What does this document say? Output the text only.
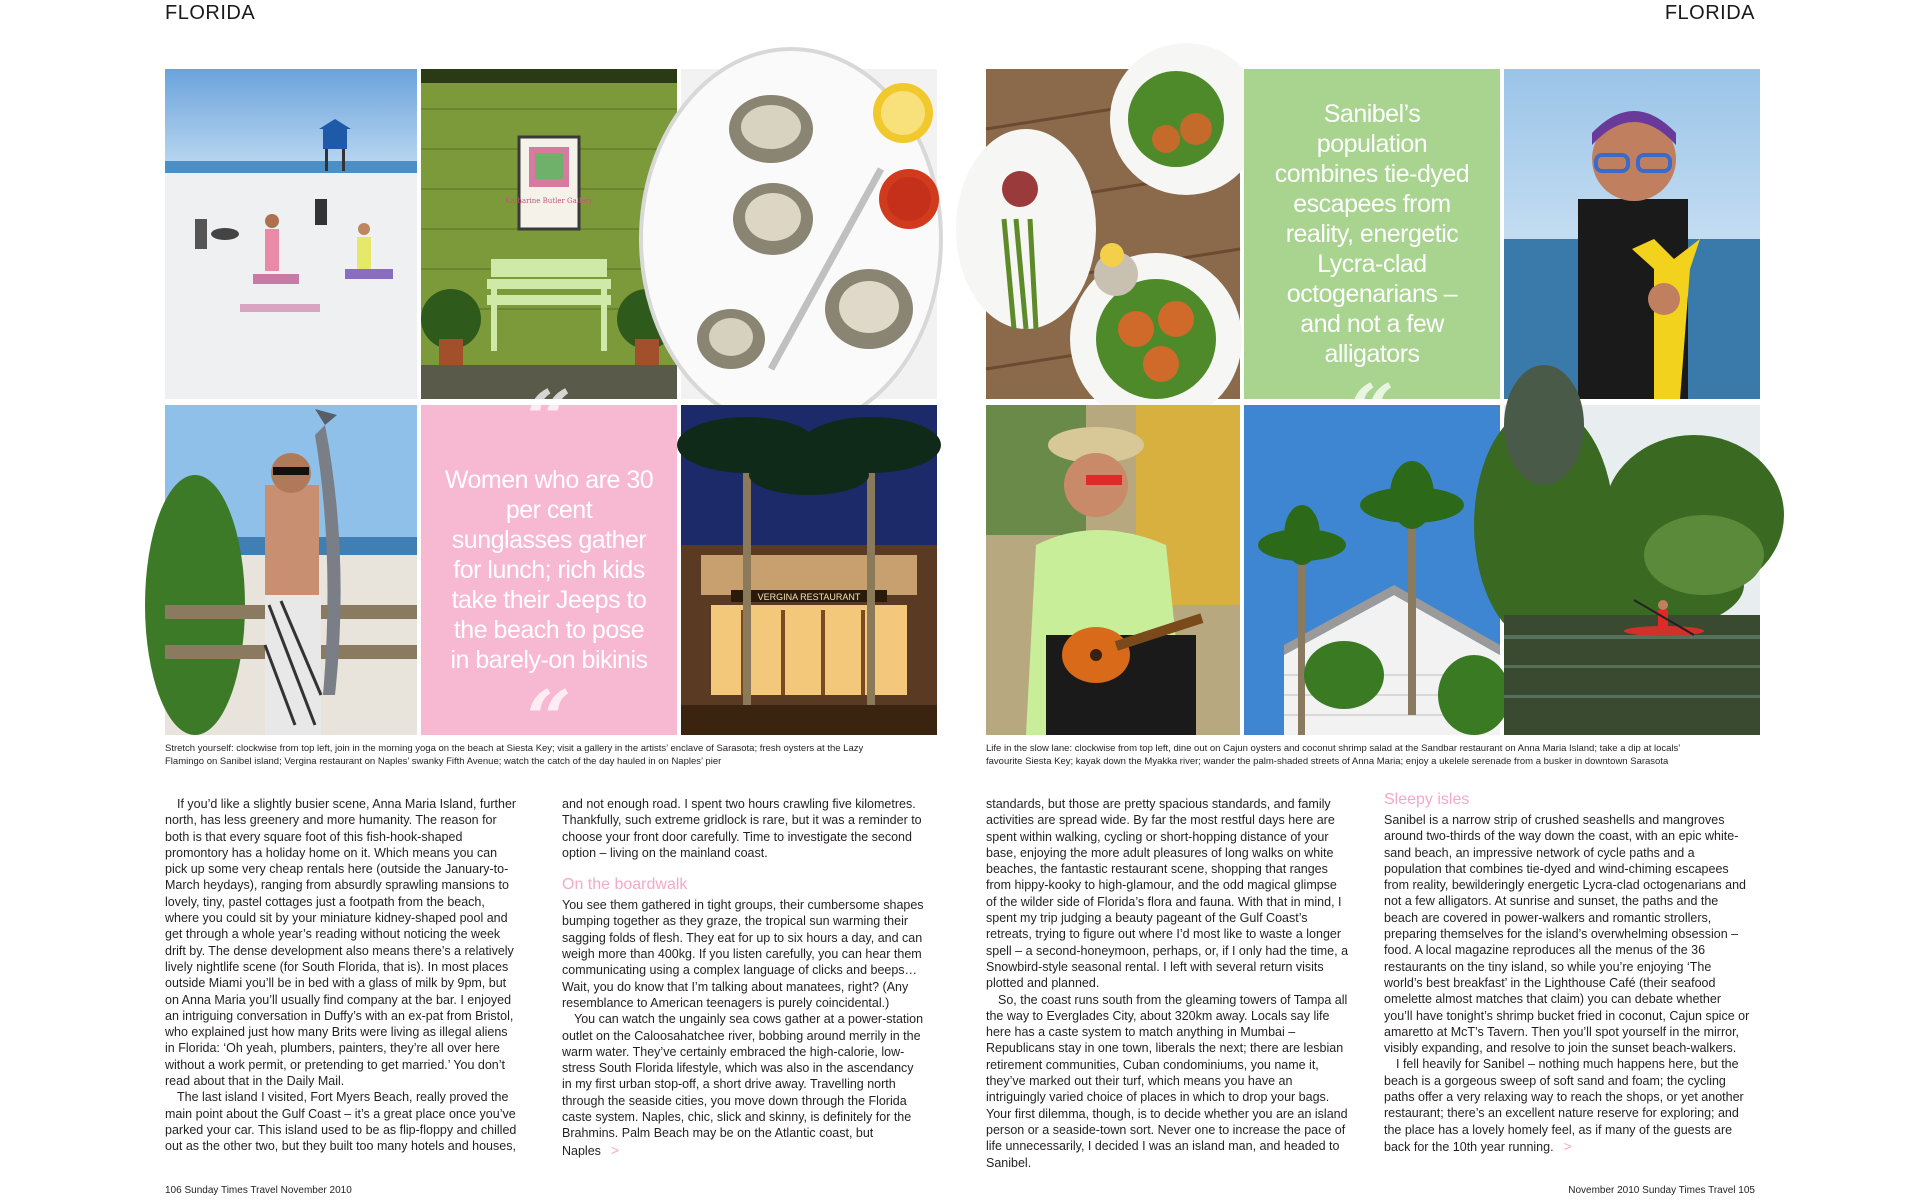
FLORIDA	FLORIDA
Katharine Butler Gallery
“
Women who are 30 per cent sunglasses gather for lunch; rich kids take their Jeeps to the beach to pose in barely-on bikinis
“
VERGINA RESTAURANT
Stretch yourself: clockwise from top left, join in the morning yoga on the beach at Siesta Key; visit a gallery in the artists’ enclave of Sarasota; fresh oysters at the Lazy Flamingo on Sanibel island; Vergina restaurant on Naples’ swanky Fifth Avenue; watch the catch of the day hauled in on Naples’ pier

If you’d like a slightly busier scene, Anna Maria Island, further north, has less greenery and more humanity. The reason for both is that every square foot of this fish-hook-shaped promontory has a holiday home on it. Which means you can pick up some very cheap rentals here (outside the January-to-March heydays), ranging from absurdly sprawling mansions to lovely, tiny, pastel cottages just a footpath from the beach, where you could sit by your miniature kidney-shaped pool and get through a whole year’s reading without noticing the week drift by. The dense development also means there’s a relatively lively nightlife scene (for South Florida, that is). In most places outside Miami you’ll be in bed with a glass of milk by 9pm, but on Anna Maria you’ll usually find company at the bar. I enjoyed an intriguing conversation in Duffy’s with an ex-pat from Bristol, who explained just how many Brits were living as illegal aliens in Florida: ‘Oh yeah, plumbers, painters, they’re all over here without a work permit, or pretending to get married.’ You don’t read about that in the Daily Mail.

The last island I visited, Fort Myers Beach, really proved the main point about the Gulf Coast – it’s a great place once you’ve parked your car. This island used to be as flip-floppy and chilled out as the other two, but they built too many hotels and houses,

and not enough road. I spent two hours crawling five kilometres. Thankfully, such extreme gridlock is rare, but it was a reminder to choose your front door carefully. Time to investigate the second option – living on the mainland coast.

On the boardwalk

You see them gathered in tight groups, their cumbersome shapes bumping together as they graze, the tropical sun warming their sagging folds of flesh. They eat for up to six hours a day, and can weigh more than 400kg. If you listen carefully, you can hear them communicating using a complex language of clicks and beeps… Wait, you do know that I’m talking about manatees, right? (Any resemblance to American teenagers is purely coincidental.)

You can watch the ungainly sea cows gather at a power-station outlet on the Caloosahatchee river, bobbing around merrily in the warm water. They’ve certainly embraced the high-calorie, low-stress South Florida lifestyle, which was also in the ascendancy in my first urban stop-off, a short drive away. Travelling north through the seaside cities, you move down through the Florida caste system. Naples, chic, slick and skinny, is definitely for the Brahmins. Palm Beach may be on the Atlantic coast, but Naples >

“
Sanibel’s population combines tie-dyed escapees from reality, energetic Lycra-clad octogenarians – and not a few alligators
Life in the slow lane: clockwise from top left, dine out on Cajun oysters and coconut shrimp salad at the Sandbar restaurant on Anna Maria Island; take a dip at locals’ favourite Siesta Key; kayak down the Myakka river; wander the palm-shaded streets of Anna Maria; enjoy a ukelele serenade from a busker in downtown Sarasota

standards, but those are pretty spacious standards, and family activities are spread wide. By far the most restful days here are spent within walking, cycling or short-hopping distance of your base, enjoying the more adult pleasures of long walks on white beaches, the fantastic restaurant scene, shopping that ranges from hippy-kooky to high-glamour, and the odd magical glimpse of the wilder side of Florida’s flora and fauna. With that in mind, I spent my trip judging a beauty pageant of the Gulf Coast’s retreats, trying to figure out where I’d most like to waste a longer spell – a second-honeymoon, perhaps, or, if I only had the time, a Snowbird-style seasonal rental. I left with several return visits plotted and planned.

So, the coast runs south from the gleaming towers of Tampa all the way to Everglades City, about 320km away. Locals say life here has a caste system to match anything in Mumbai – Republicans stay in one town, liberals the next; there are lesbian retirement communities, Cuban condominiums, you name it, they’ve marked out their turf, which means you have an intriguingly varied choice of places in which to drop your bags. Your first dilemma, though, is to decide whether you are an island person or a seaside-town sort. Never one to increase the pace of life unnecessarily, I decided I was an island man, and headed to Sanibel.

Sleepy isles

Sanibel is a narrow strip of crushed seashells and mangroves around two-thirds of the way down the coast, with an epic white-sand beach, an impressive network of cycle paths and a population that combines tie-dyed and wind-chiming escapees from reality, bewilderingly energetic Lycra-clad octogenarians and not a few alligators. At sunrise and sunset, the paths and the beach are covered in power-walkers and romantic strollers, preparing themselves for the island’s overwhelming obsession – food. A local magazine reproduces all the menus of the 36 restaurants on the tiny island, so while you’re enjoying ‘The world’s best breakfast’ in the Lighthouse Café (their seafood omelette almost matches that claim) you can debate whether you’ll have tonight’s shrimp bucket fried in coconut, Cajun spice or amaretto at McT’s Tavern. Then you’ll spot yourself in the mirror, visibly expanding, and resolve to join the sunset beach-walkers.

I fell heavily for Sanibel – nothing much happens here, but the beach is a gorgeous sweep of soft sand and foam; the cycling paths offer a very relaxing way to reach the shops, or yet another restaurant; there’s an excellent nature reserve for exploring; and the place has a lovely homely feel, as if many of the guests are back for the 10th year running. >

106 Sunday Times Travel November 2010	November 2010 Sunday Times Travel 105
